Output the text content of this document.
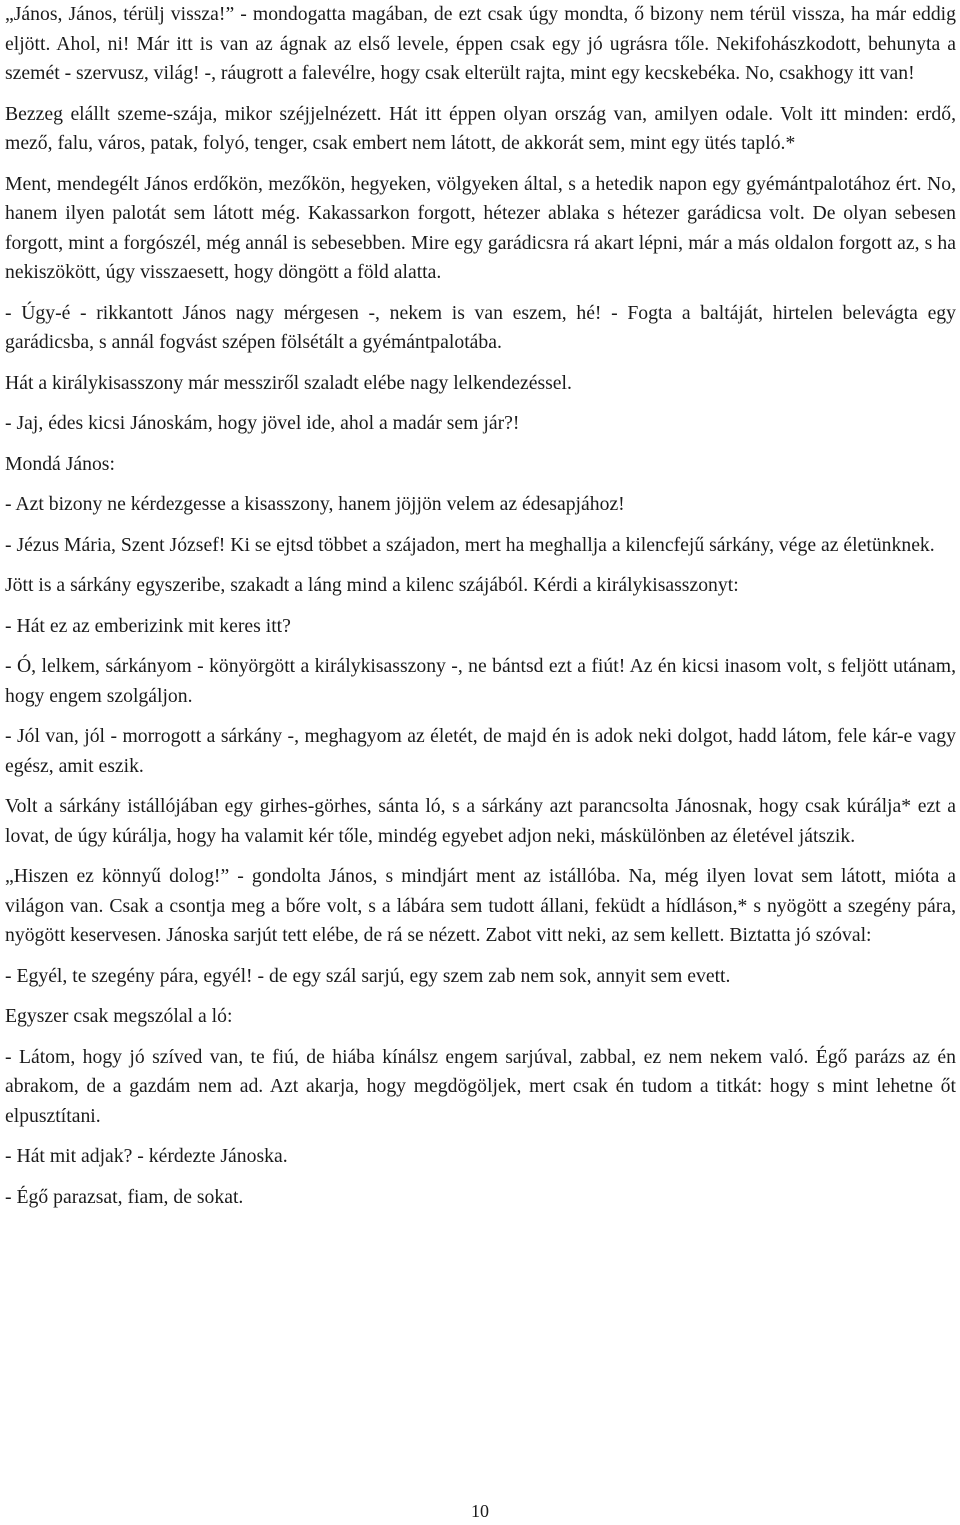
„János, János, térülj vissza!” - mondogatta magában, de ezt csak úgy mondta, ő bizony nem térül vissza, ha már eddig eljött. Ahol, ni! Már itt is van az ágnak az első levele, éppen csak egy jó ugrásra tőle. Nekifohászkodott, behunyta a szemét - szervusz, világ! -, ráugrott a falevélre, hogy csak elterült rajta, mint egy kecskebéka. No, csakhogy itt van!

Bezzeg elállt szeme-szája, mikor széjjelnézett. Hát itt éppen olyan ország van, amilyen odale. Volt itt minden: erdő, mező, falu, város, patak, folyó, tenger, csak embert nem látott, de akkorát sem, mint egy ütés tapló.*

Ment, mendegélt János erdőkön, mezőkön, hegyeken, völgyeken által, s a hetedik napon egy gyémántpalotához ért. No, hanem ilyen palotát sem látott még. Kakassarkon forgott, hétezer ablaka s hétezer garádicsa volt. De olyan sebesen forgott, mint a forgószél, még annál is sebesebben. Mire egy garádicsra rá akart lépni, már a más oldalon forgott az, s ha nekiszökött, úgy visszaesett, hogy döngött a föld alatta.

- Úgy-é - rikkantott János nagy mérgesen -, nekem is van eszem, hé! - Fogta a baltáját, hirtelen belevágta egy garádicsba, s annál fogvást szépen fölsétált a gyémántpalotába.

Hát a királykisasszony már messziről szaladt elébe nagy lelkendezéssel.

- Jaj, édes kicsi Jánoskám, hogy jövel ide, ahol a madár sem jár?!

Mondá János:

- Azt bizony ne kérdezgesse a kisasszony, hanem jöjjön velem az édesapjához!

- Jézus Mária, Szent József! Ki se ejtsd többet a szájadon, mert ha meghallja a kilencfejű sárkány, vége az életünknek.

Jött is a sárkány egyszeribe, szakadt a láng mind a kilenc szájából. Kérdi a királykisasszonyt:

- Hát ez az emberizink mit keres itt?

- Ó, lelkem, sárkányom - könyörgött a királykisasszony -, ne bántsd ezt a fiút! Az én kicsi inasom volt, s feljött utánam, hogy engem szolgáljon.

- Jól van, jól - morrogott a sárkány -, meghagyom az életét, de majd én is adok neki dolgot, hadd látom, fele kár-e vagy egész, amit eszik.

Volt a sárkány istállójában egy girhes-görhes, sánta ló, s a sárkány azt parancsolta Jánosnak, hogy csak kúrálja* ezt a lovat, de úgy kúrálja, hogy ha valamit kér tőle, mindég egyebet adjon neki, máskülönben az életével játszik.

„Hiszen ez könnyű dolog!” - gondolta János, s mindjárt ment az istállóba. Na, még ilyen lovat sem látott, mióta a világon van. Csak a csontja meg a bőre volt, s a lábára sem tudott állani, feküdt a hídláson,* s nyögött a szegény pára, nyögött keservesen. Jánoska sarjút tett elébe, de rá se nézett. Zabot vitt neki, az sem kellett. Biztatta jó szóval:

- Egyél, te szegény pára, egyél! - de egy szál sarjú, egy szem zab nem sok, annyit sem evett.

Egyszer csak megszólal a ló:

- Látom, hogy jó szíved van, te fiú, de hiába kínálsz engem sarjúval, zabbal, ez nem nekem való. Égő parázs az én abrakom, de a gazdám nem ad. Azt akarja, hogy megdögöljek, mert csak én tudom a titkát: hogy s mint lehetne őt elpusztítani.

- Hát mit adjak? - kérdezte Jánoska.

- Égő parazsat, fiam, de sokat.

10
